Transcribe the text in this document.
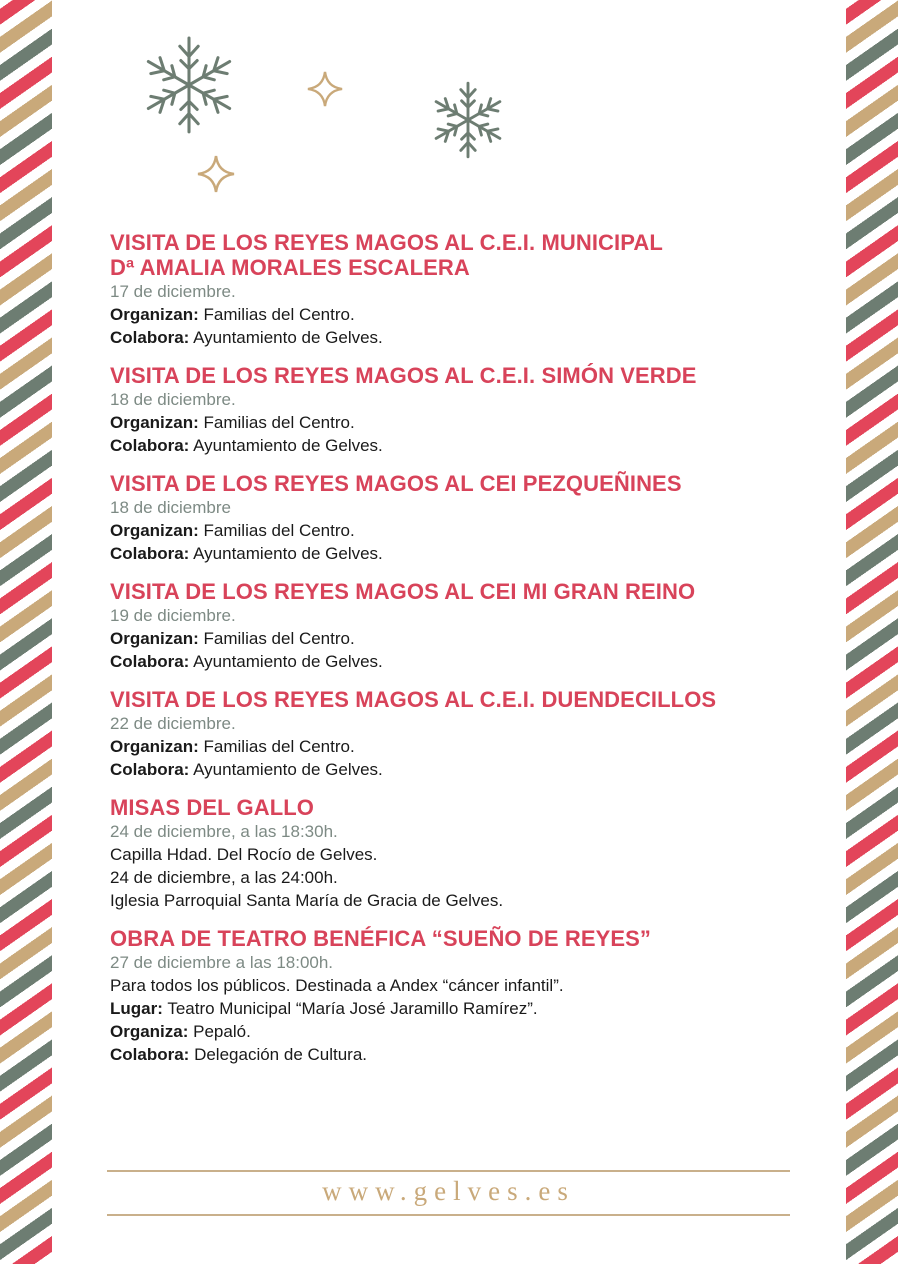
VISITA DE LOS REYES MAGOS AL C.E.I. MUNICIPAL
Dª AMALIA MORALES ESCALERA
17 de diciembre.
Organizan: Familias del Centro.
Colabora: Ayuntamiento de Gelves.
VISITA DE LOS REYES MAGOS AL C.E.I. SIMÓN VERDE
18 de diciembre.
Organizan: Familias del Centro.
Colabora: Ayuntamiento de Gelves.
VISITA DE LOS REYES MAGOS AL CEI PEZQUEÑINES
18 de diciembre
Organizan: Familias del Centro.
Colabora: Ayuntamiento de Gelves.
VISITA DE LOS REYES MAGOS AL CEI MI GRAN REINO
19 de diciembre.
Organizan: Familias del Centro.
Colabora: Ayuntamiento de Gelves.
VISITA DE LOS REYES MAGOS AL C.E.I. DUENDECILLOS
22 de diciembre.
Organizan: Familias del Centro.
Colabora: Ayuntamiento de Gelves.
MISAS DEL GALLO
24 de diciembre, a las 18:30h.
Capilla Hdad. Del Rocío de Gelves.
24 de diciembre, a las 24:00h.
Iglesia Parroquial Santa María de Gracia de Gelves.
OBRA DE TEATRO BENÉFICA “SUEÑO DE REYES”
27 de diciembre a las 18:00h.
Para todos los públicos. Destinada a Andex “cáncer infantil”.
Lugar: Teatro Municipal “María José Jaramillo Ramírez”.
Organiza: Pepaló.
Colabora: Delegación de Cultura.
www.gelves.es
